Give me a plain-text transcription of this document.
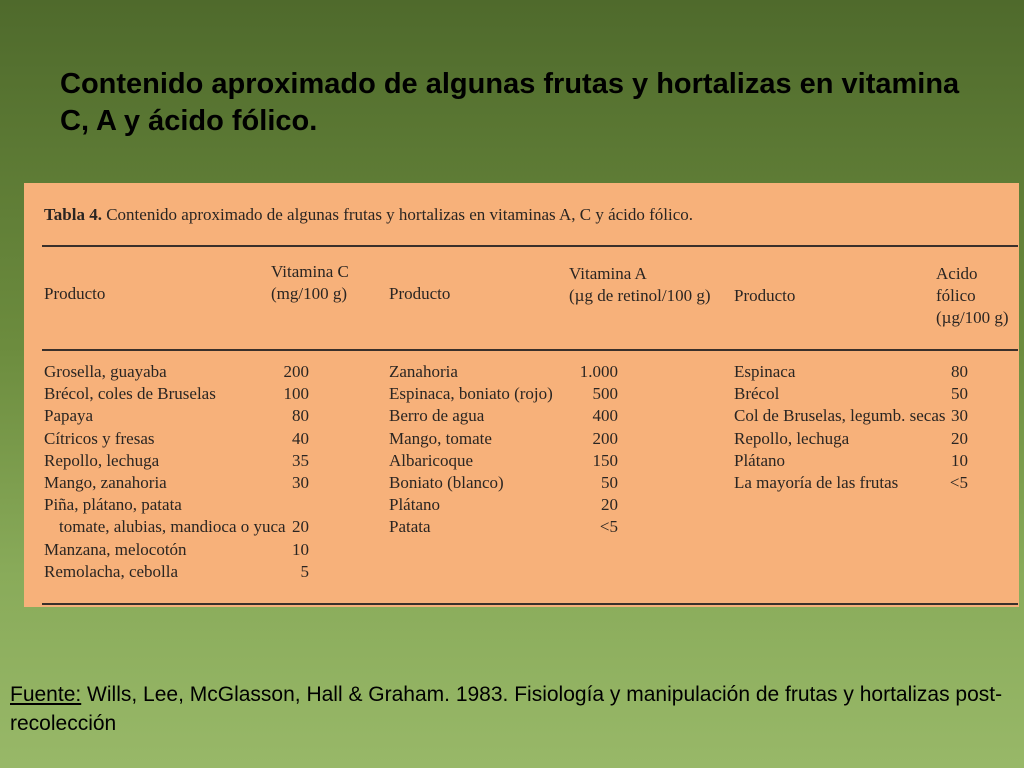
Contenido aproximado de algunas frutas y hortalizas en vitamina C, A y ácido fólico.
Tabla 4. Contenido aproximado de algunas frutas y hortalizas en vitaminas A, C y ácido fólico.
Producto
Vitamina C
(mg/100 g)
Grosella, guayaba	200
Brécol, coles de Bruselas	100
Papaya	80
Cítricos y fresas	40
Repollo, lechuga	35
Mango, zanahoria	30
Piña, plátano, patata
tomate, alubias, mandioca o yuca 20
Manzana, melocotón	10
Remolacha, cebolla	5
Producto
Vitamina A
(µg de retinol/100 g)
Zanahoria	1.000
Espinaca, boniato (rojo) 500
Berro de agua	400
Mango, tomate	200
Albaricoque	150
Boniato (blanco)	50
Plátano	20
Patata	<5
Producto
Acido
fólico
(µg/100 g)
Espinaca	80
Brécol	50
Col de Bruselas, legumb. secas 30
Repollo, lechuga	20
Plátano	10
La mayoría de las frutas	<5
Fuente: Wills, Lee, McGlasson, Hall & Graham. 1983. Fisiología y manipulación de frutas y hortalizas post-recolección
